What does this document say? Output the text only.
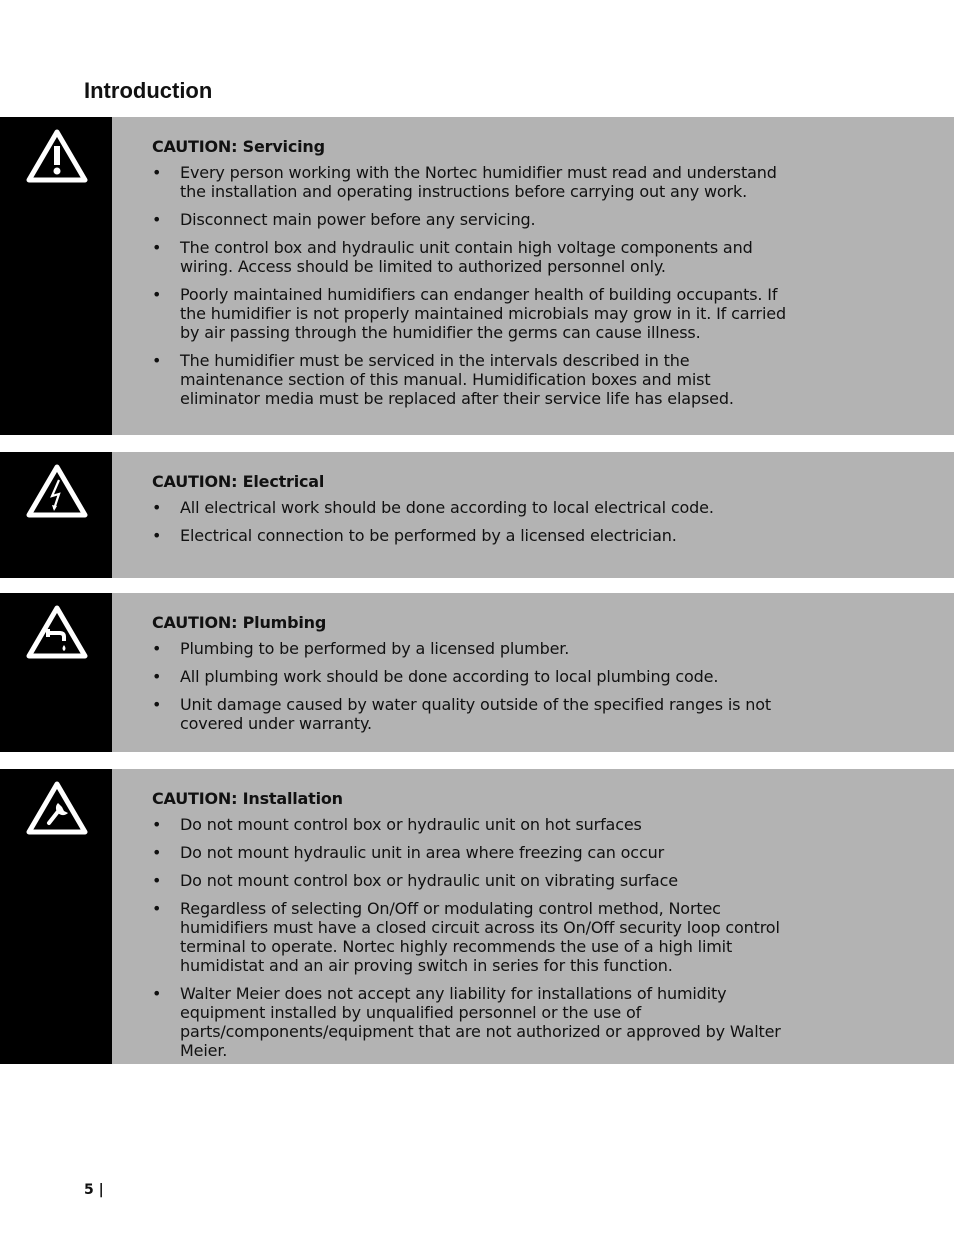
Introduction
CAUTION: Servicing
• Every person working with the Nortec humidifier must read and understand the installation and operating instructions before carrying out any work.
• Disconnect main power before any servicing.
• The control box and hydraulic unit contain high voltage components and wiring. Access should be limited to authorized personnel only.
• Poorly maintained humidifiers can endanger health of building occupants. If the humidifier is not properly maintained microbials may grow in it. If carried by air passing through the humidifier the germs can cause illness.
• The humidifier must be serviced in the intervals described in the maintenance section of this manual. Humidification boxes and mist eliminator media must be replaced after their service life has elapsed.
CAUTION: Electrical
• All electrical work should be done according to local electrical code.
• Electrical connection to be performed by a licensed electrician.
CAUTION: Plumbing
• Plumbing to be performed by a licensed plumber.
• All plumbing work should be done according to local plumbing code.
• Unit damage caused by water quality outside of the specified ranges is not covered under warranty.
CAUTION: Installation
• Do not mount control box or hydraulic unit on hot surfaces
• Do not mount hydraulic unit in area where freezing can occur
• Do not mount control box or hydraulic unit on vibrating surface
• Regardless of selecting On/Off or modulating control method, Nortec humidifiers must have a closed circuit across its On/Off security loop control terminal to operate. Nortec highly recommends the use of a high limit humidistat and an air proving switch in series for this function.
• Walter Meier does not accept any liability for installations of humidity equipment installed by unqualified personnel or the use of parts/components/equipment that are not authorized or approved by Walter Meier.
5 |
